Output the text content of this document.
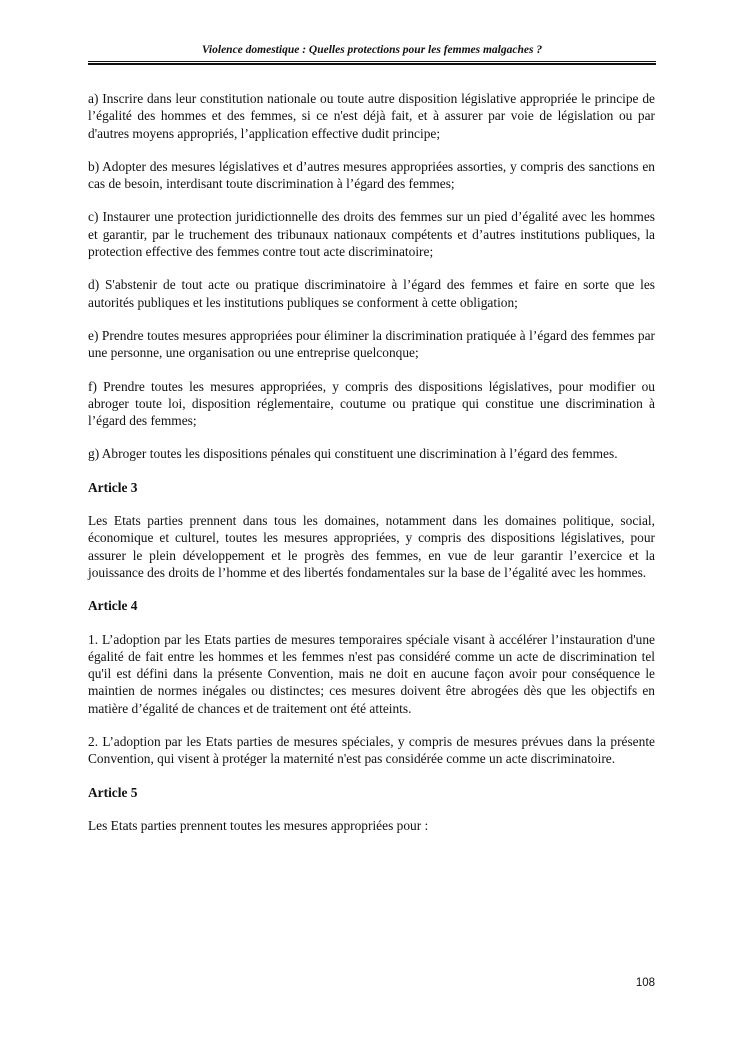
Violence domestique : Quelles protections pour les femmes malgaches ?

a) Inscrire dans leur constitution nationale ou toute autre disposition législative appropriée le principe de l’égalité des hommes et des femmes, si ce n'est déjà fait, et à assurer par voie de législation ou par d'autres moyens appropriés, l’application effective dudit principe;

b) Adopter des mesures législatives et d’autres mesures appropriées assorties, y compris des sanctions en cas de besoin, interdisant toute discrimination à l’égard des femmes;

c) Instaurer une protection juridictionnelle des droits des femmes sur un pied d’égalité avec les hommes et garantir, par le truchement des tribunaux nationaux compétents et d’autres institutions publiques, la protection effective des femmes contre tout acte discriminatoire;

d) S'abstenir de tout acte ou pratique discriminatoire à l’égard des femmes et faire en sorte que les autorités publiques et les institutions publiques se conforment à cette obligation;

e) Prendre toutes mesures appropriées pour éliminer la discrimination pratiquée à l’égard des femmes par une personne, une organisation ou une entreprise quelconque;

f) Prendre toutes les mesures appropriées, y compris des dispositions législatives, pour modifier ou abroger toute loi, disposition réglementaire, coutume ou pratique qui constitue une discrimination à l’égard des femmes;

g) Abroger toutes les dispositions pénales qui constituent une discrimination à l’égard des femmes.

Article 3

Les Etats parties prennent dans tous les domaines, notamment dans les domaines politique, social, économique et culturel, toutes les mesures appropriées, y compris des dispositions législatives, pour assurer le plein développement et le progrès des femmes, en vue de leur garantir l’exercice et la jouissance des droits de l’homme et des libertés fondamentales sur la base de l’égalité avec les hommes.

Article 4

1. L’adoption par les Etats parties de mesures temporaires spéciale visant à accélérer l’instauration d'une égalité de fait entre les hommes et les femmes n'est pas considéré comme un acte de discrimination tel qu'il est défini dans la présente Convention, mais ne doit en aucune façon avoir pour conséquence le maintien de normes inégales ou distinctes; ces mesures doivent être abrogées dès que les objectifs en matière d’égalité de chances et de traitement ont été atteints.

2. L’adoption par les Etats parties de mesures spéciales, y compris de mesures prévues dans la présente Convention, qui visent à protéger la maternité n'est pas considérée comme un acte discriminatoire.

Article 5

Les Etats parties prennent toutes les mesures appropriées pour :

108
